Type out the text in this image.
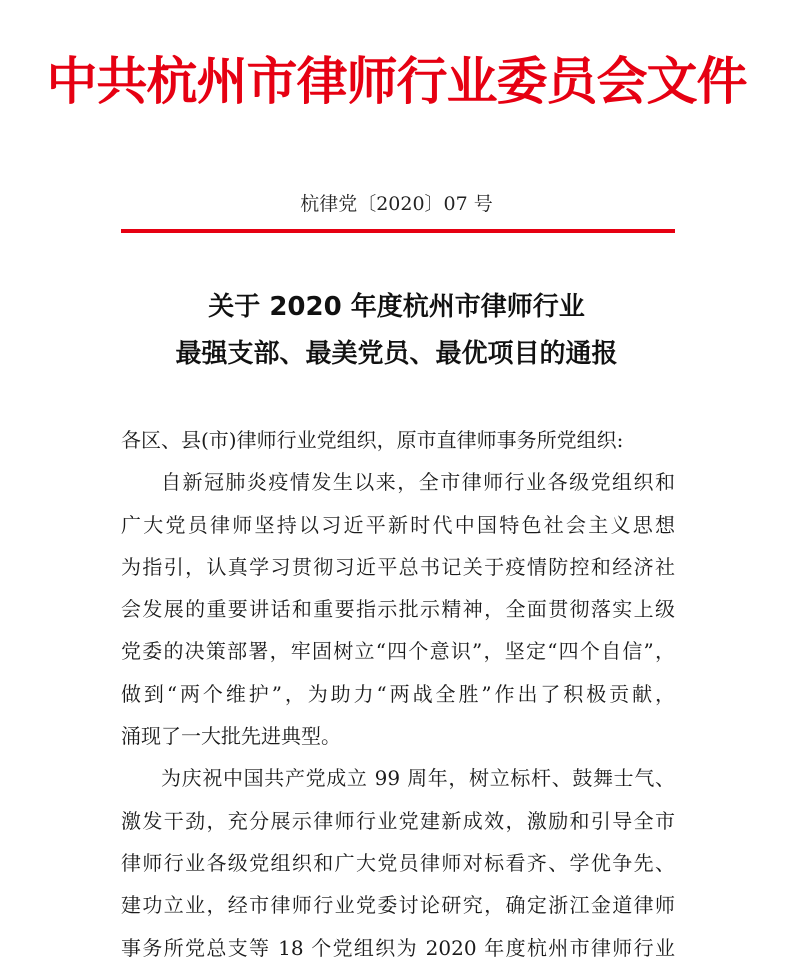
中共杭州市律师行业委员会文件
杭律党〔2020〕07 号
关于 2020 年度杭州市律师行业
最强支部、最美党员、最优项目的通报
各区、县(市)律师行业党组织，原市直律师事务所党组织:
自新冠肺炎疫情发生以来，全市律师行业各级党组织和
广大党员律师坚持以习近平新时代中国特色社会主义思想
为指引，认真学习贯彻习近平总书记关于疫情防控和经济社
会发展的重要讲话和重要指示批示精神，全面贯彻落实上级
党委的决策部署，牢固树立“四个意识”，坚定“四个自信”，
做到“两个维护”，为助力“两战全胜”作出了积极贡献，
涌现了一大批先进典型。
为庆祝中国共产党成立 99 周年，树立标杆、鼓舞士气、
激发干劲，充分展示律师行业党建新成效，激励和引导全市
律师行业各级党组织和广大党员律师对标看齐、学优争先、
建功立业，经市律师行业党委讨论研究，确定浙江金道律师
事务所党总支等 18 个党组织为 2020 年度杭州市律师行业
